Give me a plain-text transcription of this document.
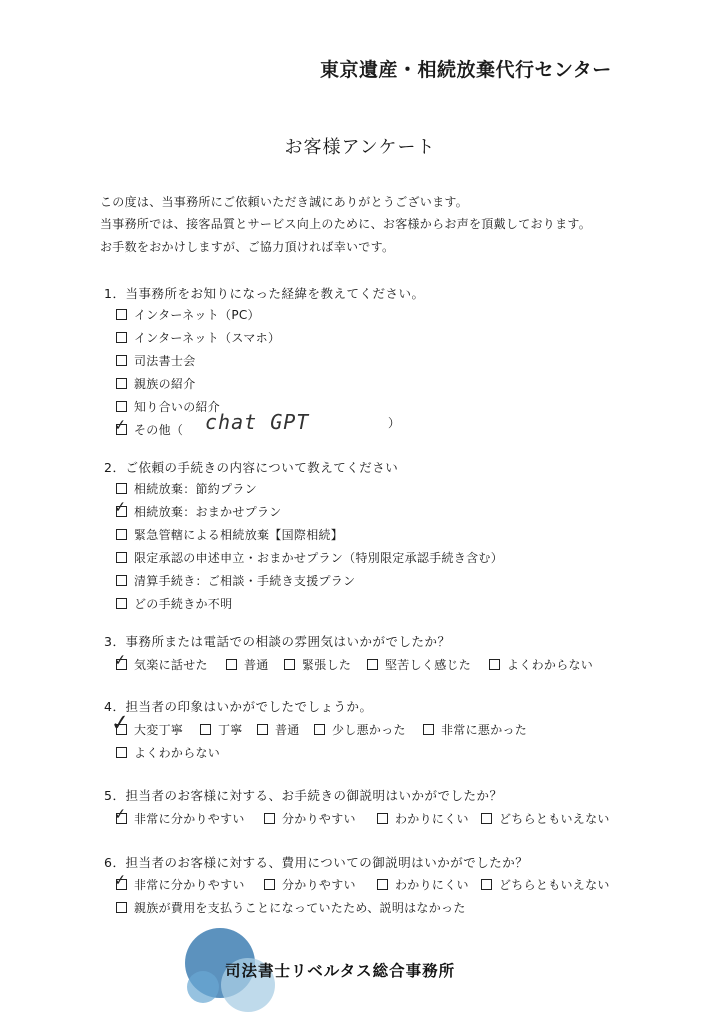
東京遺産・相続放棄代行センター
お客様アンケート
この度は、当事務所にご依頼いただき誠にありがとうございます。
当事務所では、接客品質とサービス向上のために、お客様からお声を頂戴しております。
お手数をおかけしますが、ご協力頂ければ幸いです。
1．当事務所をお知りになった経緯を教えてください。
インターネット（PC）
インターネット（スマホ）
司法書士会
親族の紹介
知り合いの紹介
✓ その他（ chat GPT	）
2．ご依頼の手続きの内容について教えてください
相続放棄：節約プラン
✓ 相続放棄：おまかせプラン
緊急管轄による相続放棄【国際相続】
限定承認の申述申立・おまかせプラン（特別限定承認手続き含む）
清算手続き：ご相談・手続き支援プラン
どの手続きか不明
3．事務所または電話での相談の雰囲気はいかがでしたか？
✓ 気楽に話せた	普通	緊張した	堅苦しく感じた	よくわからない
4．担当者の印象はいかがでしたでしょうか。
✓ 大変丁寧	丁寧	普通	少し悪かった	非常に悪かった
よくわからない
5．担当者のお客様に対する、お手続きの御説明はいかがでしたか？
✓ 非常に分かりやすい	分かりやすい	わかりにくい	どちらともいえない
6．担当者のお客様に対する、費用についての御説明はいかがでしたか？
✓ 非常に分かりやすい	分かりやすい	わかりにくい	どちらともいえない
親族が費用を支払うことになっていたため、説明はなかった
司法書士リベルタス総合事務所
